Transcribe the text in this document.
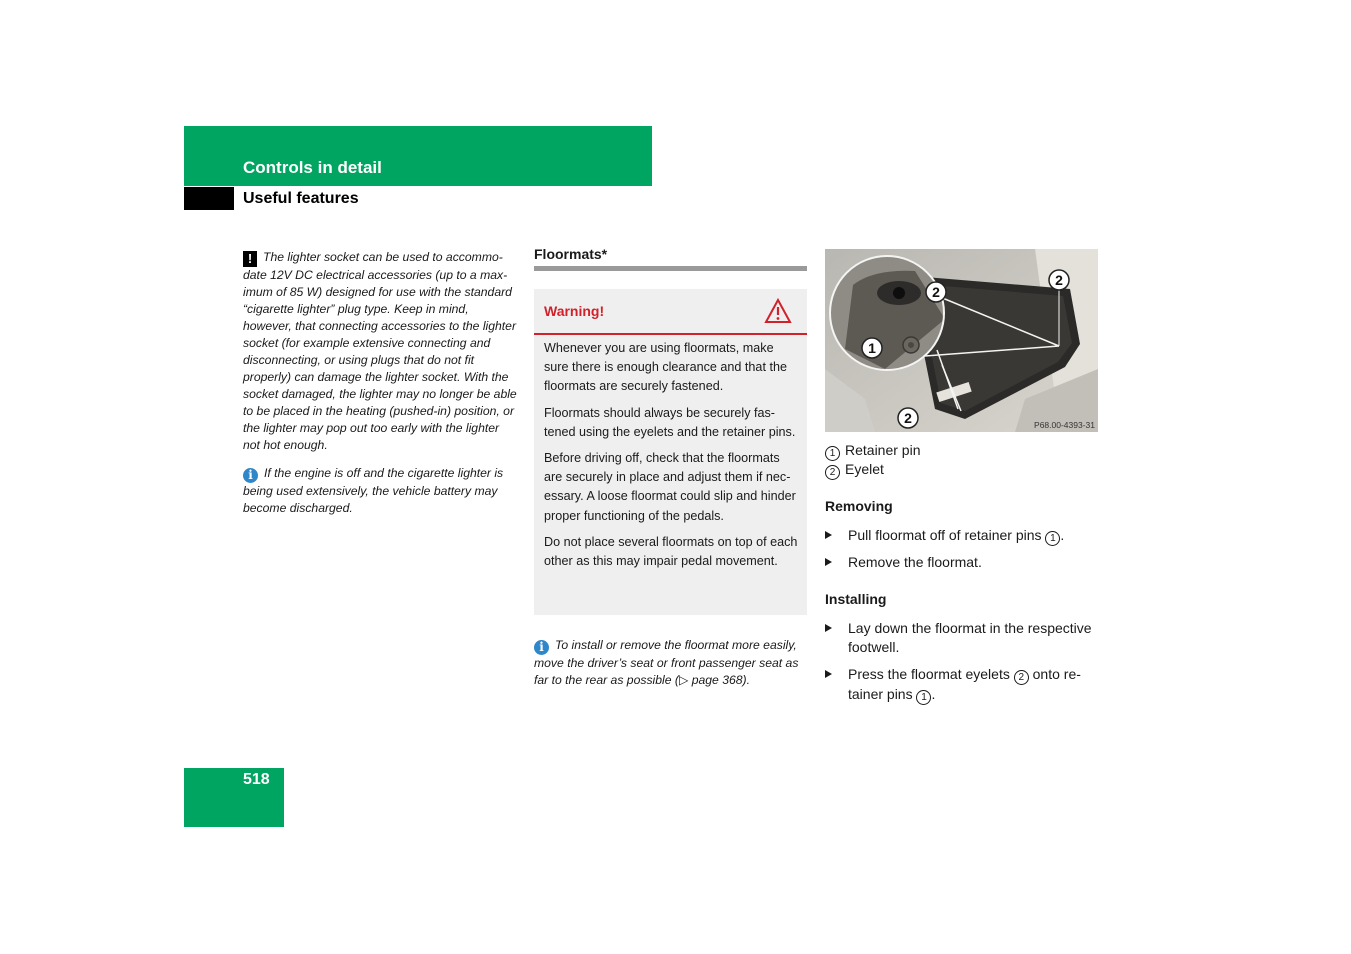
Controls in detail
Useful features

! The lighter socket can be used to accommodate 12V DC electrical accessories (up to a maximum of 85 W) designed for use with the standard “cigarette lighter” plug type. Keep in mind, however, that connecting accessories to the lighter socket (for example extensive connecting and disconnecting, or using plugs that do not fit properly) can damage the lighter socket. With the socket damaged, the lighter may no longer be able to be placed in the heating (pushed-in) position, or the lighter may pop out too early with the lighter not hot enough.

i If the engine is off and the cigarette lighter is being used extensively, the vehicle battery may become discharged.

Floormats*
Warning!

Whenever you are using floormats, make sure there is enough clearance and that the floormats are securely fastened.

Floormats should always be securely fastened using the eyelets and the retainer pins.

Before driving off, check that the floormats are securely in place and adjust them if necessary. A loose floormat could slip and hinder proper functioning of the pedals.

Do not place several floormats on top of each other as this may impair pedal movement.

i To install or remove the floormat more easily, move the driver’s seat or front passenger seat as far to the rear as possible (▷ page 368).

2
1
2
2	P68.00-4393-31
1 Retainer pin
2 Eyelet
Removing
Pull floormat off of retainer pins 1 .
Remove the floormat.
Installing
Lay down the floormat in the respective footwell.
Press the floormat eyelets 2 onto retainer pins 1 .
518
